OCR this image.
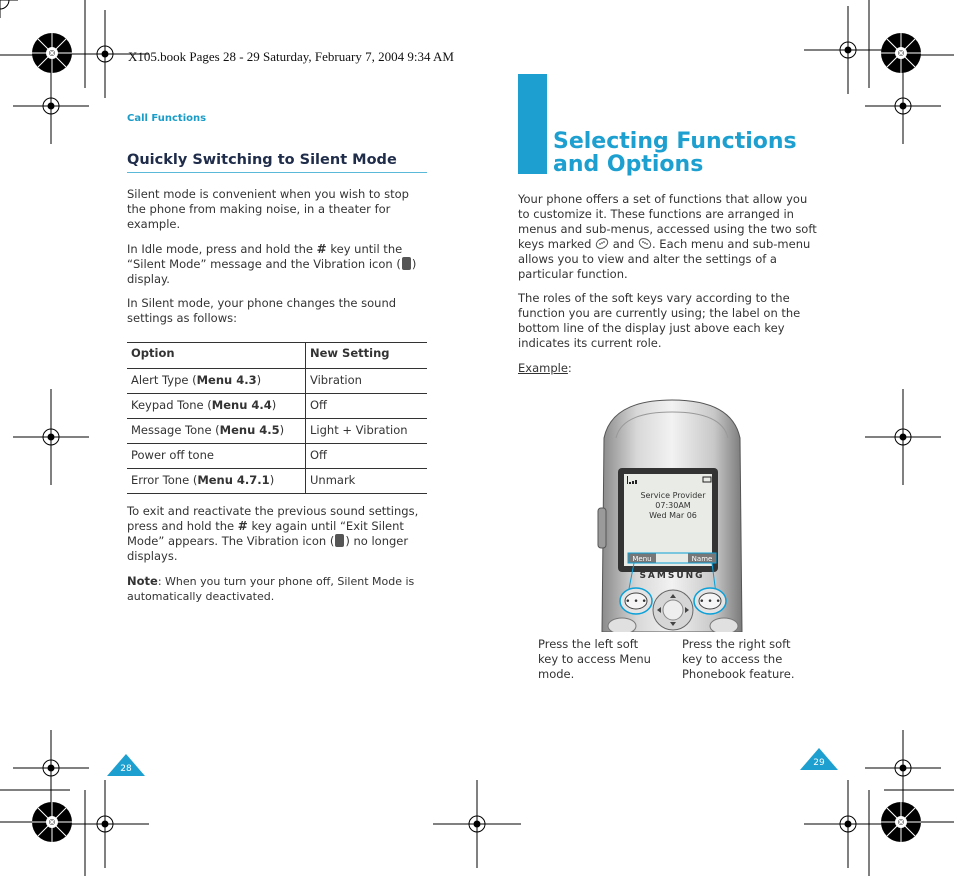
X105.book Pages 28 - 29 Saturday, February 7, 2004 9:34 AM
Call Functions
Quickly Switching to Silent Mode
Silent mode is convenient when you wish to stop the phone from making noise, in a theater for example.
In Idle mode, press and hold the # key until the “Silent Mode” message and the Vibration icon ( ) display.
In Silent mode, your phone changes the sound settings as follows:
Option	New Setting
Alert Type (Menu 4.3)	Vibration
Keypad Tone (Menu 4.4)	Off
Message Tone (Menu 4.5)	Light + Vibration
Power off tone	Off
Error Tone (Menu 4.7.1)	Unmark
To exit and reactivate the previous sound settings, press and hold the # key again until “Exit Silent Mode” appears. The Vibration icon ( ) no longer displays.
Note: When you turn your phone off, Silent Mode is automatically deactivated.
28
Selecting Functions
and Options
Your phone offers a set of functions that allow you to customize it. These functions are arranged in menus and sub-menus, accessed using the two soft keys marked and . Each menu and sub-menu allows you to view and alter the settings of a particular function.
The roles of the soft keys vary according to the function you are currently using; the label on the bottom line of the display just above each key indicates its current role.
Example:
Service Provider
07:30AM
Wed Mar 06
Menu	Name
SAMSUNG
• • •	• • •
Press the left soft key to access Menu mode.
Press the right soft key to access the Phonebook feature.
29
